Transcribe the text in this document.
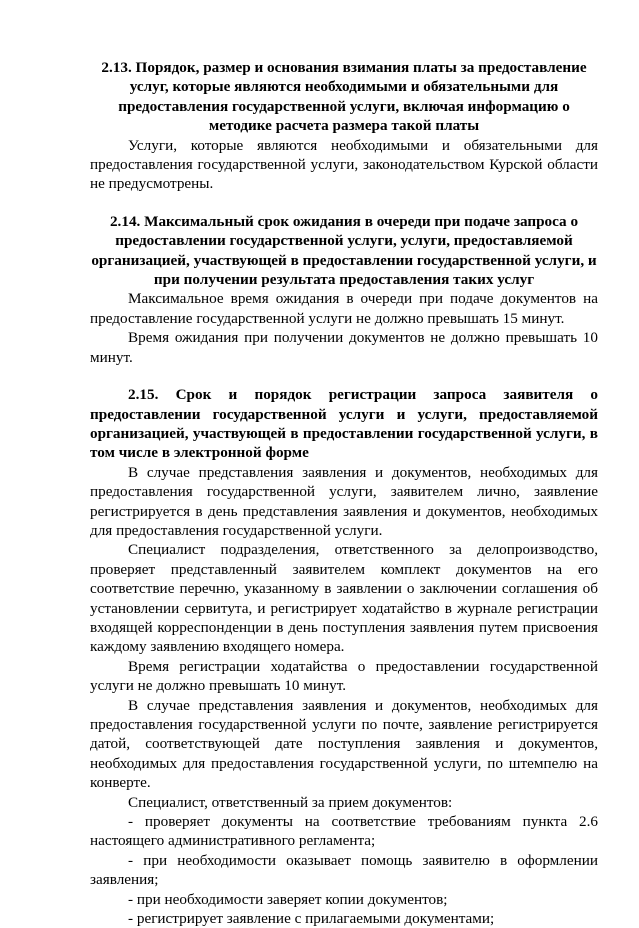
2.13. Порядок, размер и основания взимания платы за предоставление услуг, которые являются необходимыми и обязательными для предоставления государственной услуги, включая информацию о методике расчета размера такой платы

Услуги, которые являются необходимыми и обязательными для предоставления государственной услуги, законодательством Курской области не предусмотрены.

2.14. Максимальный срок ожидания в очереди при подаче запроса о предоставлении государственной услуги, услуги, предоставляемой организацией, участвующей в предоставлении государственной услуги, и при получении результата предоставления таких услуг

Максимальное время ожидания в очереди при подаче документов на предоставление государственной услуги не должно превышать 15 минут.

Время ожидания при получении документов не должно превышать 10 минут.

2.15. Срок и порядок регистрации запроса заявителя о предоставлении государственной услуги и услуги, предоставляемой организацией, участвующей в предоставлении государственной услуги, в том числе в электронной форме

В случае представления заявления и документов, необходимых для предоставления государственной услуги, заявителем лично, заявление регистрируется в день представления заявления и документов, необходимых для предоставления государственной услуги.

Специалист подразделения, ответственного за делопроизводство, проверяет представленный заявителем комплект документов на его соответствие перечню, указанному в заявлении о заключении соглашения об установлении сервитута, и регистрирует ходатайство в журнале регистрации входящей корреспонденции в день поступления заявления путем присвоения каждому заявлению входящего номера.

Время регистрации ходатайства о предоставлении государственной услуги не должно превышать 10 минут.

В случае представления заявления и документов, необходимых для предоставления государственной услуги по почте, заявление регистрируется датой, соответствующей дате поступления заявления и документов, необходимых для предоставления государственной услуги, по штемпелю на конверте.

Специалист, ответственный за прием документов:

- проверяет документы на соответствие требованиям пункта 2.6 настоящего административного регламента;

- при необходимости оказывает помощь заявителю в оформлении заявления;

- при необходимости заверяет копии документов;

- регистрирует заявление с прилагаемыми документами;
